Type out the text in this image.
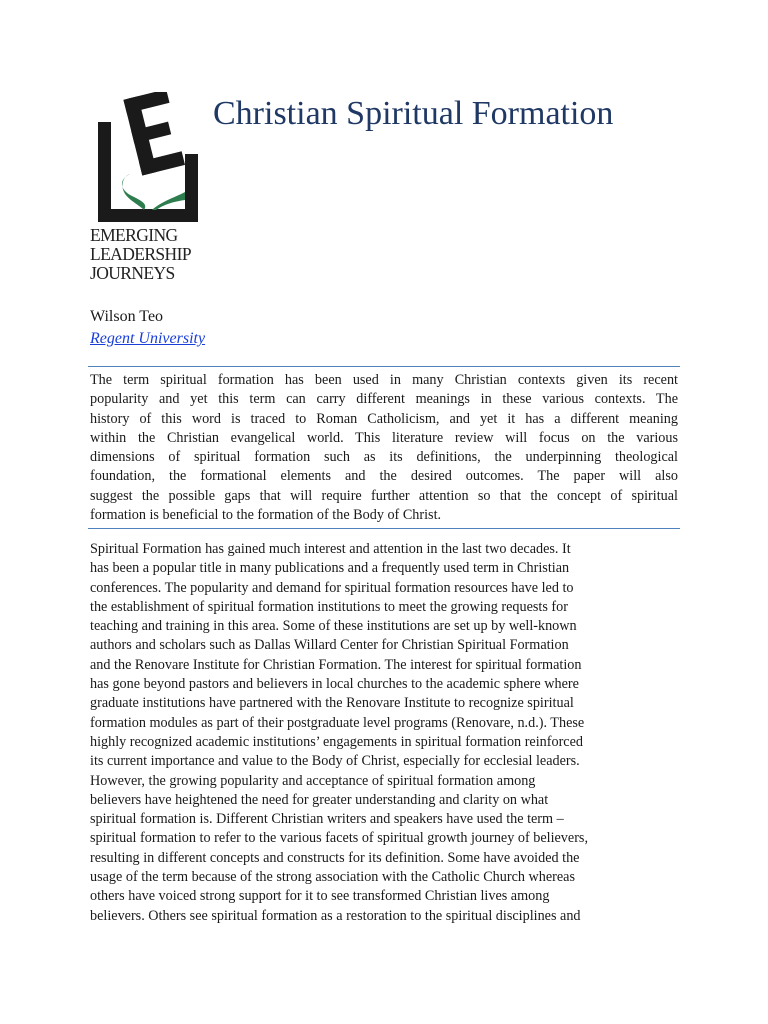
EMERGING
LEADERSHIP
JOURNEYS
Christian Spiritual Formation
Wilson Teo
Regent University
The term spiritual formation has been used in many Christian contexts given its recent
popularity and yet this term can carry different meanings in these various contexts. The
history of this word is traced to Roman Catholicism, and yet it has a different meaning
within the Christian evangelical world. This literature review will focus on the various
dimensions of spiritual formation such as its definitions, the underpinning theological
foundation, the formational elements and the desired outcomes. The paper will also
suggest the possible gaps that will require further attention so that the concept of spiritual
formation is beneficial to the formation of the Body of Christ.
Spiritual Formation has gained much interest and attention in the last two decades. It
has been a popular title in many publications and a frequently used term in Christian
conferences. The popularity and demand for spiritual formation resources have led to
the establishment of spiritual formation institutions to meet the growing requests for
teaching and training in this area. Some of these institutions are set up by well-known
authors and scholars such as Dallas Willard Center for Christian Spiritual Formation
and the Renovare Institute for Christian Formation. The interest for spiritual formation
has gone beyond pastors and believers in local churches to the academic sphere where
graduate institutions have partnered with the Renovare Institute to recognize spiritual
formation modules as part of their postgraduate level programs (Renovare, n.d.). These
highly recognized academic institutions’ engagements in spiritual formation reinforced
its current importance and value to the Body of Christ, especially for ecclesial leaders.
However, the growing popularity and acceptance of spiritual formation among
believers have heightened the need for greater understanding and clarity on what
spiritual formation is. Different Christian writers and speakers have used the term –
spiritual formation to refer to the various facets of spiritual growth journey of believers,
resulting in different concepts and constructs for its definition. Some have avoided the
usage of the term because of the strong association with the Catholic Church whereas
others have voiced strong support for it to see transformed Christian lives among
believers. Others see spiritual formation as a restoration to the spiritual disciplines and
